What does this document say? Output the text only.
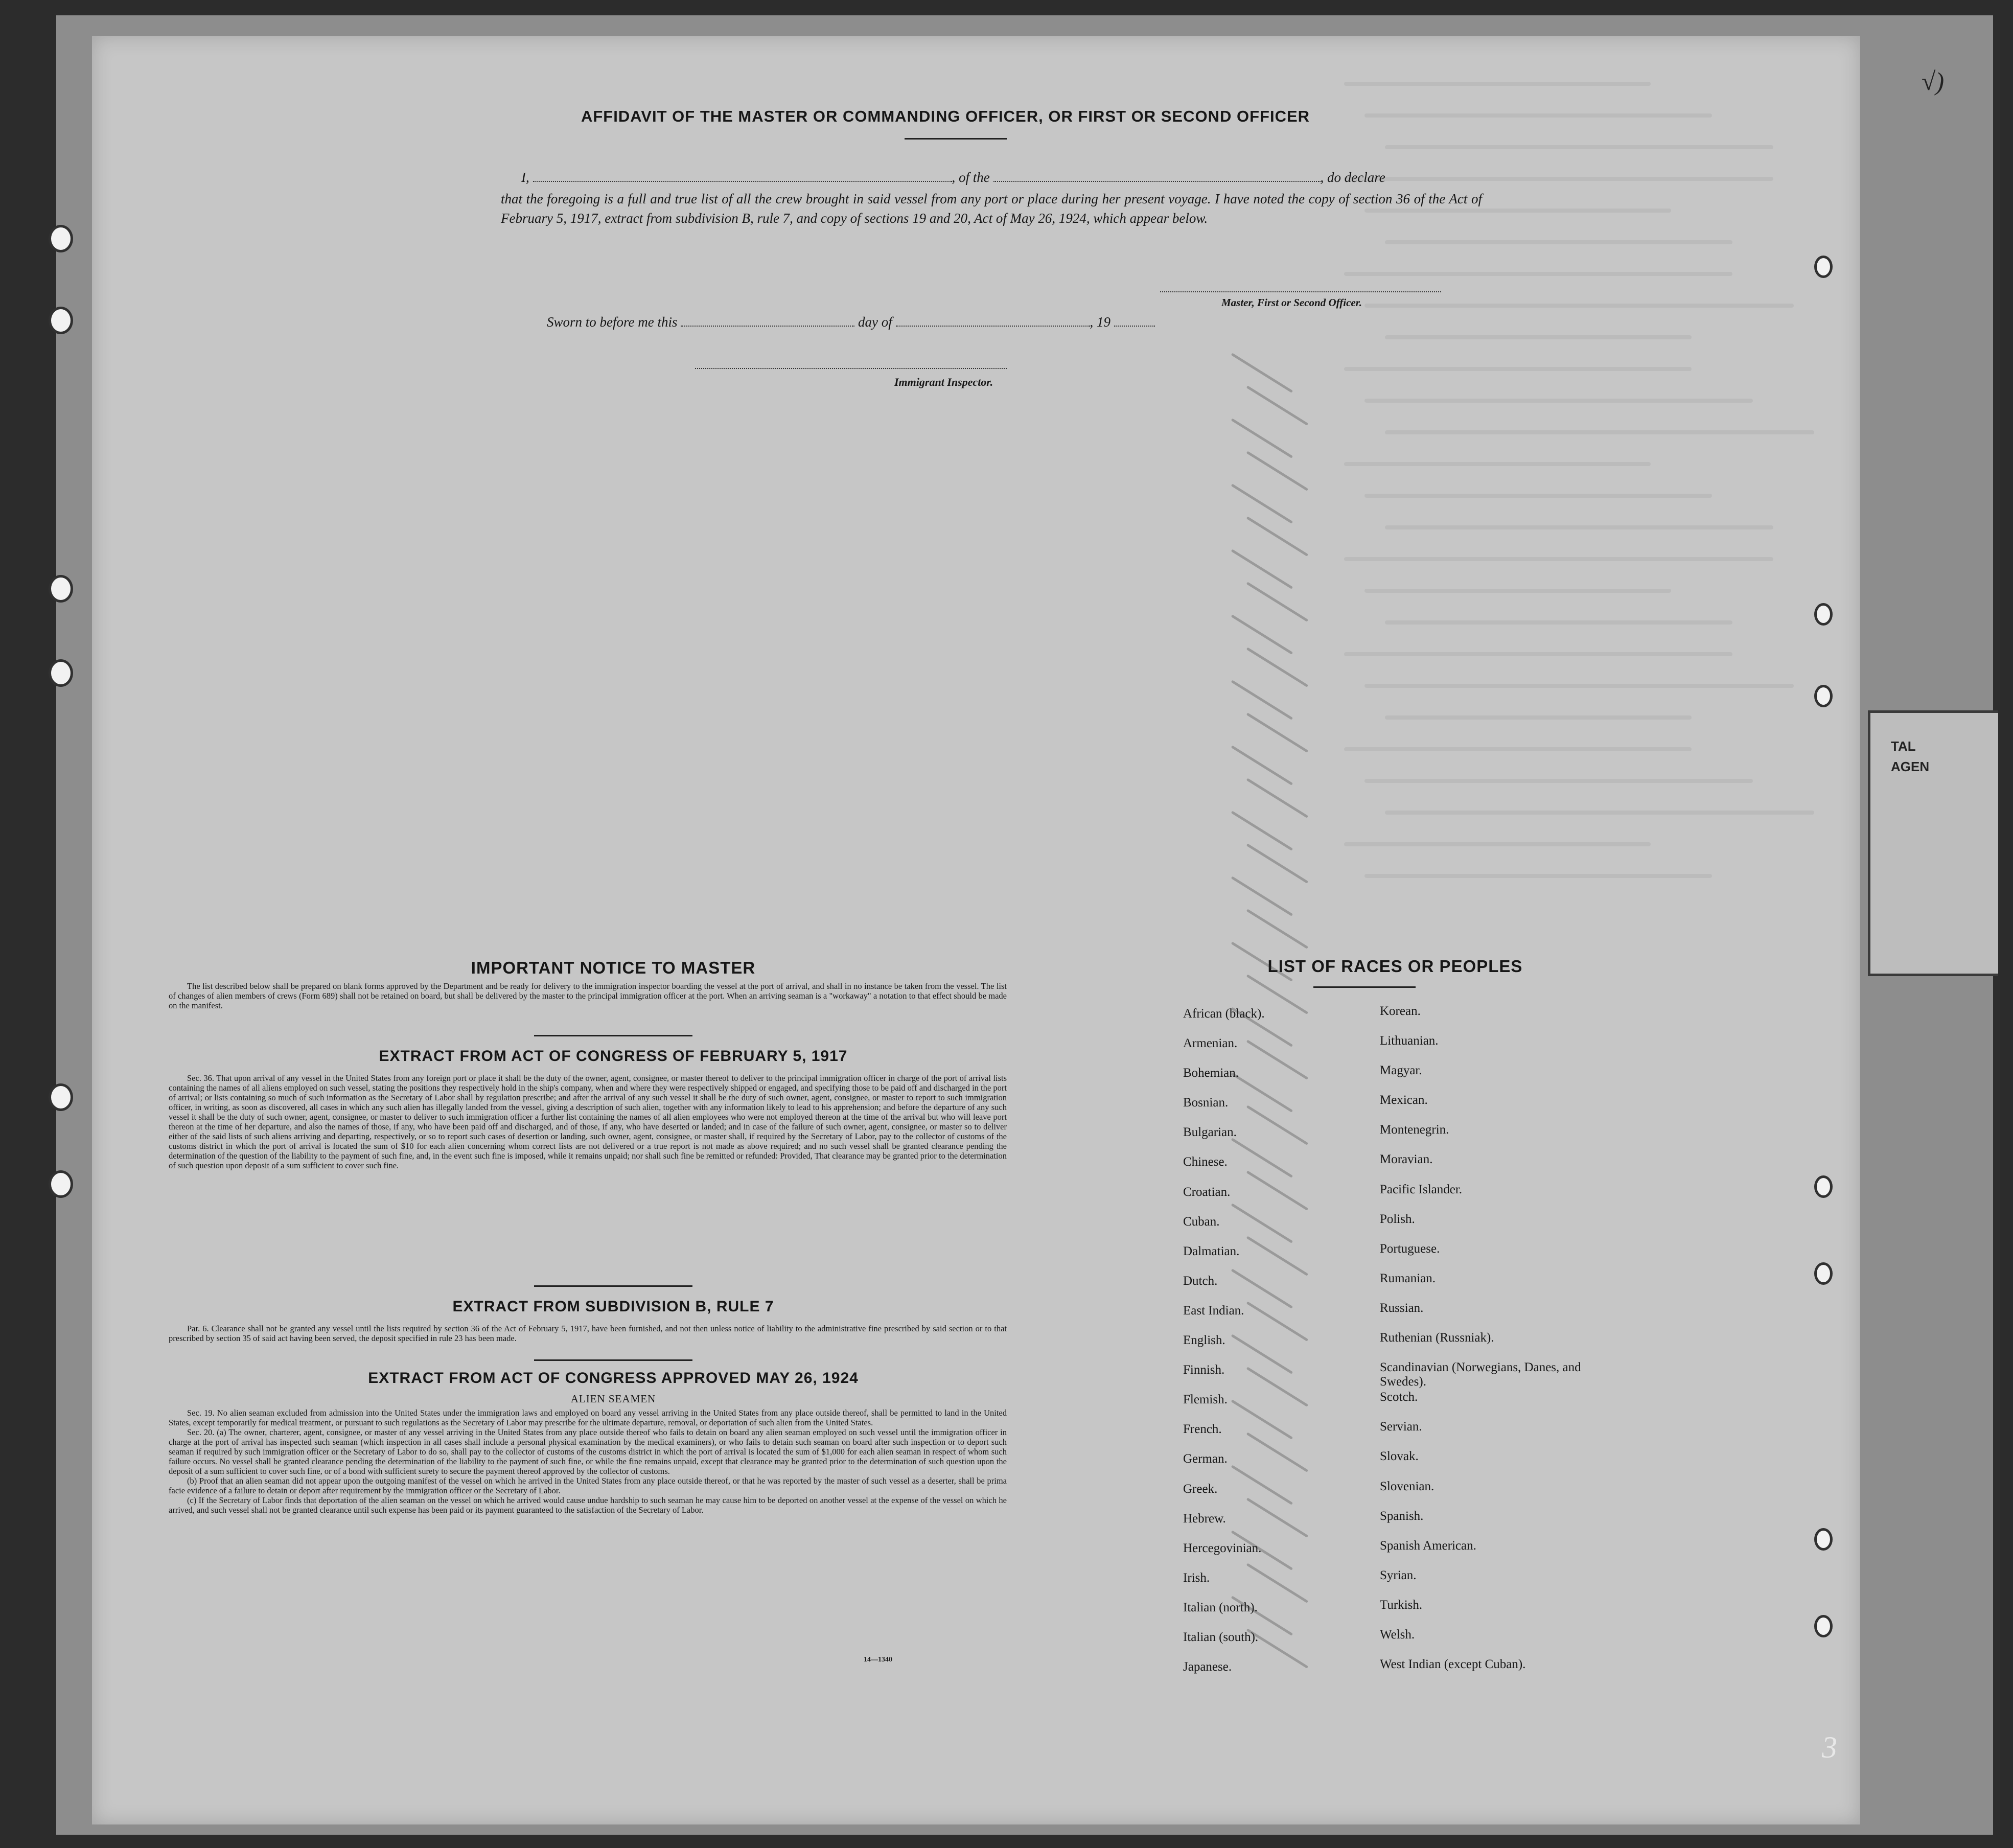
AFFIDAVIT OF THE MASTER OR COMMANDING OFFICER, OR FIRST OR SECOND OFFICER
I,	, of the	, do declare
that the foregoing is a full and true list of all the crew brought in said vessel from any port or place during her present voyage. I have noted the copy of section 36 of the Act of February 5, 1917, extract from subdivision B, rule 7, and copy of sections 19 and 20, Act of May 26, 1924, which appear below.
Master, First or Second Officer.
Sworn to before me this	day of	, 19
Immigrant Inspector.
IMPORTANT NOTICE TO MASTER

The list described below shall be prepared on blank forms approved by the Department and be ready for delivery to the immigration inspector boarding the vessel at the port of arrival, and shall in no instance be taken from the vessel. The list of changes of alien members of crews (Form 689) shall not be retained on board, but shall be delivered by the master to the principal immigration officer at the port. When an arriving seaman is a "workaway" a notation to that effect should be made on the manifest.

EXTRACT FROM ACT OF CONGRESS OF FEBRUARY 5, 1917

Sec. 36. That upon arrival of any vessel in the United States from any foreign port or place it shall be the duty of the owner, agent, consignee, or master thereof to deliver to the principal immigration officer in charge of the port of arrival lists containing the names of all aliens employed on such vessel, stating the positions they respectively hold in the ship's company, when and where they were respectively shipped or engaged, and specifying those to be paid off and discharged in the port of arrival; or lists containing so much of such information as the Secretary of Labor shall by regulation prescribe; and after the arrival of any such vessel it shall be the duty of such owner, agent, consignee, or master to report to such immigration officer, in writing, as soon as discovered, all cases in which any such alien has illegally landed from the vessel, giving a description of such alien, together with any information likely to lead to his apprehension; and before the departure of any such vessel it shall be the duty of such owner, agent, consignee, or master to deliver to such immigration officer a further list containing the names of all alien employees who were not employed thereon at the time of the arrival but who will leave port thereon at the time of her departure, and also the names of those, if any, who have been paid off and discharged, and of those, if any, who have deserted or landed; and in case of the failure of such owner, agent, consignee, or master so to deliver either of the said lists of such aliens arriving and departing, respectively, or so to report such cases of desertion or landing, such owner, agent, consignee, or master shall, if required by the Secretary of Labor, pay to the collector of customs of the customs district in which the port of arrival is located the sum of $10 for each alien concerning whom correct lists are not delivered or a true report is not made as above required; and no such vessel shall be granted clearance pending the determination of the question of the liability to the payment of such fine, and, in the event such fine is imposed, while it remains unpaid; nor shall such fine be remitted or refunded: Provided, That clearance may be granted prior to the determination of such question upon deposit of a sum sufficient to cover such fine.

EXTRACT FROM SUBDIVISION B, RULE 7

Par. 6. Clearance shall not be granted any vessel until the lists required by section 36 of the Act of February 5, 1917, have been furnished, and not then unless notice of liability to the administrative fine prescribed by said section or to that prescribed by section 35 of said act having been served, the deposit specified in rule 23 has been made.

EXTRACT FROM ACT OF CONGRESS APPROVED MAY 26, 1924
ALIEN SEAMEN

Sec. 19. No alien seaman excluded from admission into the United States under the immigration laws and employed on board any vessel arriving in the United States from any place outside thereof, shall be permitted to land in the United States, except temporarily for medical treatment, or pursuant to such regulations as the Secretary of Labor may prescribe for the ultimate departure, removal, or deportation of such alien from the United States.

Sec. 20. (a) The owner, charterer, agent, consignee, or master of any vessel arriving in the United States from any place outside thereof who fails to detain on board any alien seaman employed on such vessel until the immigration officer in charge at the port of arrival has inspected such seaman (which inspection in all cases shall include a personal physical examination by the medical examiners), or who fails to detain such seaman on board after such inspection or to deport such seaman if required by such immigration officer or the Secretary of Labor to do so, shall pay to the collector of customs of the customs district in which the port of arrival is located the sum of $1,000 for each alien seaman in respect of whom such failure occurs. No vessel shall be granted clearance pending the determination of the liability to the payment of such fine, or while the fine remains unpaid, except that clearance may be granted prior to the determination of such question upon the deposit of a sum sufficient to cover such fine, or of a bond with sufficient surety to secure the payment thereof approved by the collector of customs.

(b) Proof that an alien seaman did not appear upon the outgoing manifest of the vessel on which he arrived in the United States from any place outside thereof, or that he was reported by the master of such vessel as a deserter, shall be prima facie evidence of a failure to detain or deport after requirement by the immigration officer or the Secretary of Labor.

(c) If the Secretary of Labor finds that deportation of the alien seaman on the vessel on which he arrived would cause undue hardship to such seaman he may cause him to be deported on another vessel at the expense of the vessel on which he arrived, and such vessel shall not be granted clearance until such expense has been paid or its payment guaranteed to the satisfaction of the Secretary of Labor.

14—1340
LIST OF RACES OR PEOPLES
African (black).
Armenian.
Bohemian.
Bosnian.
Bulgarian.
Chinese.
Croatian.
Cuban.
Dalmatian.
Dutch.
East Indian.
English.
Finnish.
Flemish.
French.
German.
Greek.
Hebrew.
Hercegovinian.
Irish.
Italian (north).
Italian (south).
Japanese.
Korean.
Lithuanian.
Magyar.
Mexican.
Montenegrin.
Moravian.
Pacific Islander.
Polish.
Portuguese.
Rumanian.
Russian.
Ruthenian (Russniak).
Scandinavian (Norwegians, Danes, and Swedes).
Scotch.
Servian.
Slovak.
Slovenian.
Spanish.
Spanish American.
Syrian.
Turkish.
Welsh.
West Indian (except Cuban).
√)
3
TAL
AGEN
